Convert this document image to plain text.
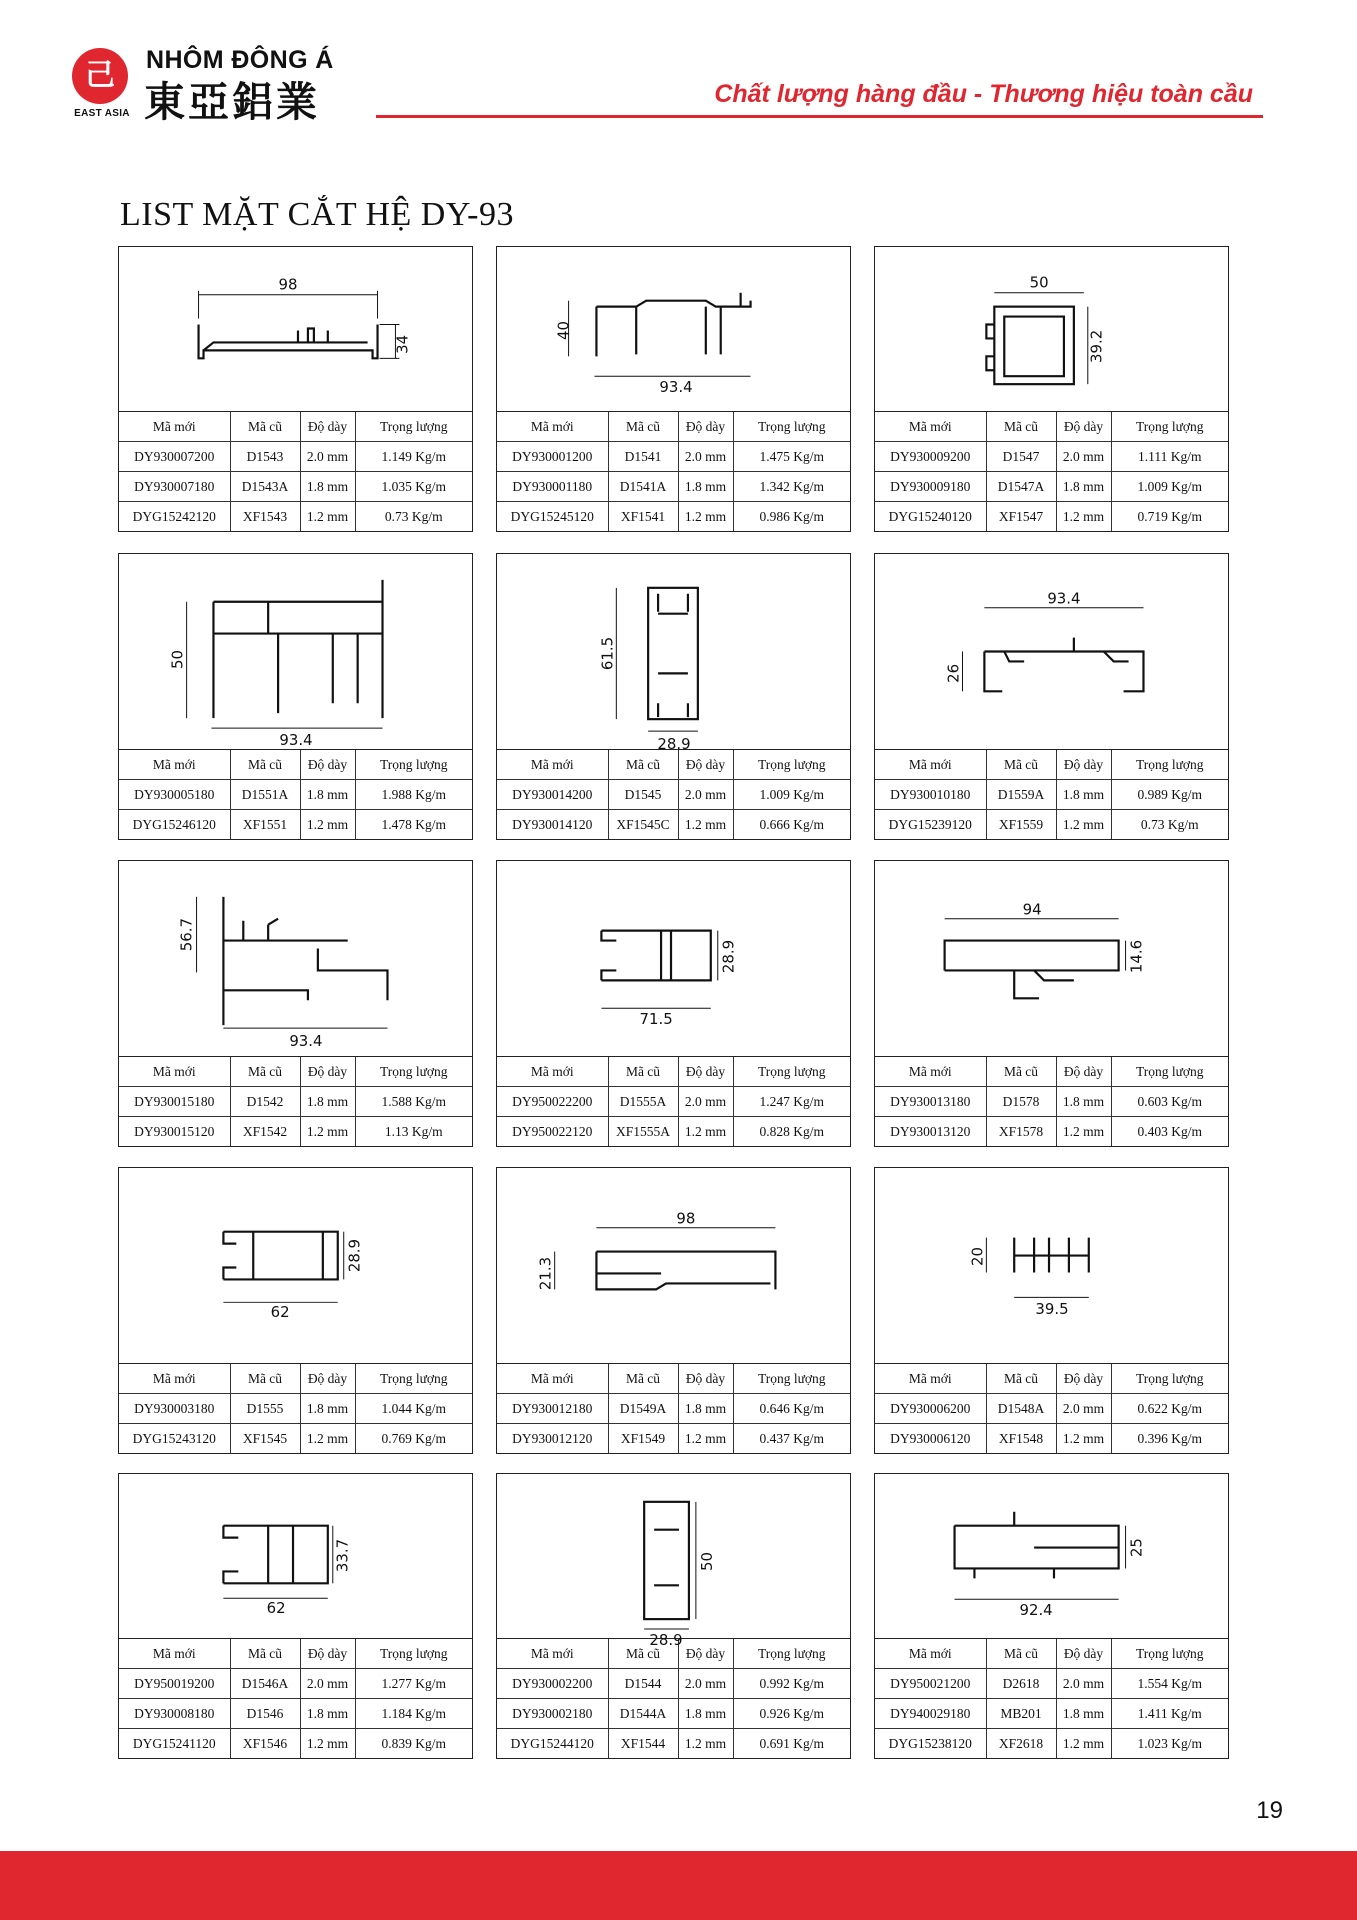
己
EAST ASIA
NHÔM ĐÔNG Á
東亞鋁業	Chất lượng hàng đầu - Thương hiệu toàn cầu
LIST MẶT CẮT HỆ DY-93
98
34
Mã mới	Mã cũ	Độ dày	Trọng lượng
DY930007200	D1543	2.0 mm	1.149 Kg/m
DY930007180	D1543A	1.8 mm	1.035 Kg/m
DYG15242120	XF1543	1.2 mm	0.73 Kg/m
40
93.4
Mã mới	Mã cũ	Độ dày	Trọng lượng
DY930001200	D1541	2.0 mm	1.475 Kg/m
DY930001180	D1541A	1.8 mm	1.342 Kg/m
DYG15245120	XF1541	1.2 mm	0.986 Kg/m
50
39.2
Mã mới	Mã cũ	Độ dày	Trọng lượng
DY930009200	D1547	2.0 mm	1.111 Kg/m
DY930009180	D1547A	1.8 mm	1.009 Kg/m
DYG15240120	XF1547	1.2 mm	0.719 Kg/m
50
93.4
Mã mới	Mã cũ	Độ dày	Trọng lượng
DY930005180	D1551A	1.8 mm	1.988 Kg/m
DYG15246120	XF1551	1.2 mm	1.478 Kg/m
61.5
28.9
Mã mới	Mã cũ	Độ dày	Trọng lượng
DY930014200	D1545	2.0 mm	1.009 Kg/m
DY930014120	XF1545C	1.2 mm	0.666 Kg/m
93.4
26
Mã mới	Mã cũ	Độ dày	Trọng lượng
DY930010180	D1559A	1.8 mm	0.989 Kg/m
DYG15239120	XF1559	1.2 mm	0.73 Kg/m
56.7
93.4
Mã mới	Mã cũ	Độ dày	Trọng lượng
DY930015180	D1542	1.8 mm	1.588 Kg/m
DY930015120	XF1542	1.2 mm	1.13 Kg/m
28.9
71.5
Mã mới	Mã cũ	Độ dày	Trọng lượng
DY950022200	D1555A	2.0 mm	1.247 Kg/m
DY950022120	XF1555A	1.2 mm	0.828 Kg/m
94
14.6
Mã mới	Mã cũ	Độ dày	Trọng lượng
DY930013180	D1578	1.8 mm	0.603 Kg/m
DY930013120	XF1578	1.2 mm	0.403 Kg/m
28.9
62
Mã mới	Mã cũ	Độ dày	Trọng lượng
DY930003180	D1555	1.8 mm	1.044 Kg/m
DYG15243120	XF1545	1.2 mm	0.769 Kg/m
98
21.3
Mã mới	Mã cũ	Độ dày	Trọng lượng
DY930012180	D1549A	1.8 mm	0.646 Kg/m
DY930012120	XF1549	1.2 mm	0.437 Kg/m
20
39.5
Mã mới	Mã cũ	Độ dày	Trọng lượng
DY930006200	D1548A	2.0 mm	0.622 Kg/m
DY930006120	XF1548	1.2 mm	0.396 Kg/m
33.7
62
Mã mới	Mã cũ	Độ dày	Trọng lượng
DY950019200	D1546A	2.0 mm	1.277 Kg/m
DY930008180	D1546	1.8 mm	1.184 Kg/m
DYG15241120	XF1546	1.2 mm	0.839 Kg/m
50
28.9
Mã mới	Mã cũ	Độ dày	Trọng lượng
DY930002200	D1544	2.0 mm	0.992 Kg/m
DY930002180	D1544A	1.8 mm	0.926 Kg/m
DYG15244120	XF1544	1.2 mm	0.691 Kg/m
25
92.4
Mã mới	Mã cũ	Độ dày	Trọng lượng
DY950021200	D2618	2.0 mm	1.554 Kg/m
DY940029180	MB201	1.8 mm	1.411 Kg/m
DYG15238120	XF2618	1.2 mm	1.023 Kg/m
19
